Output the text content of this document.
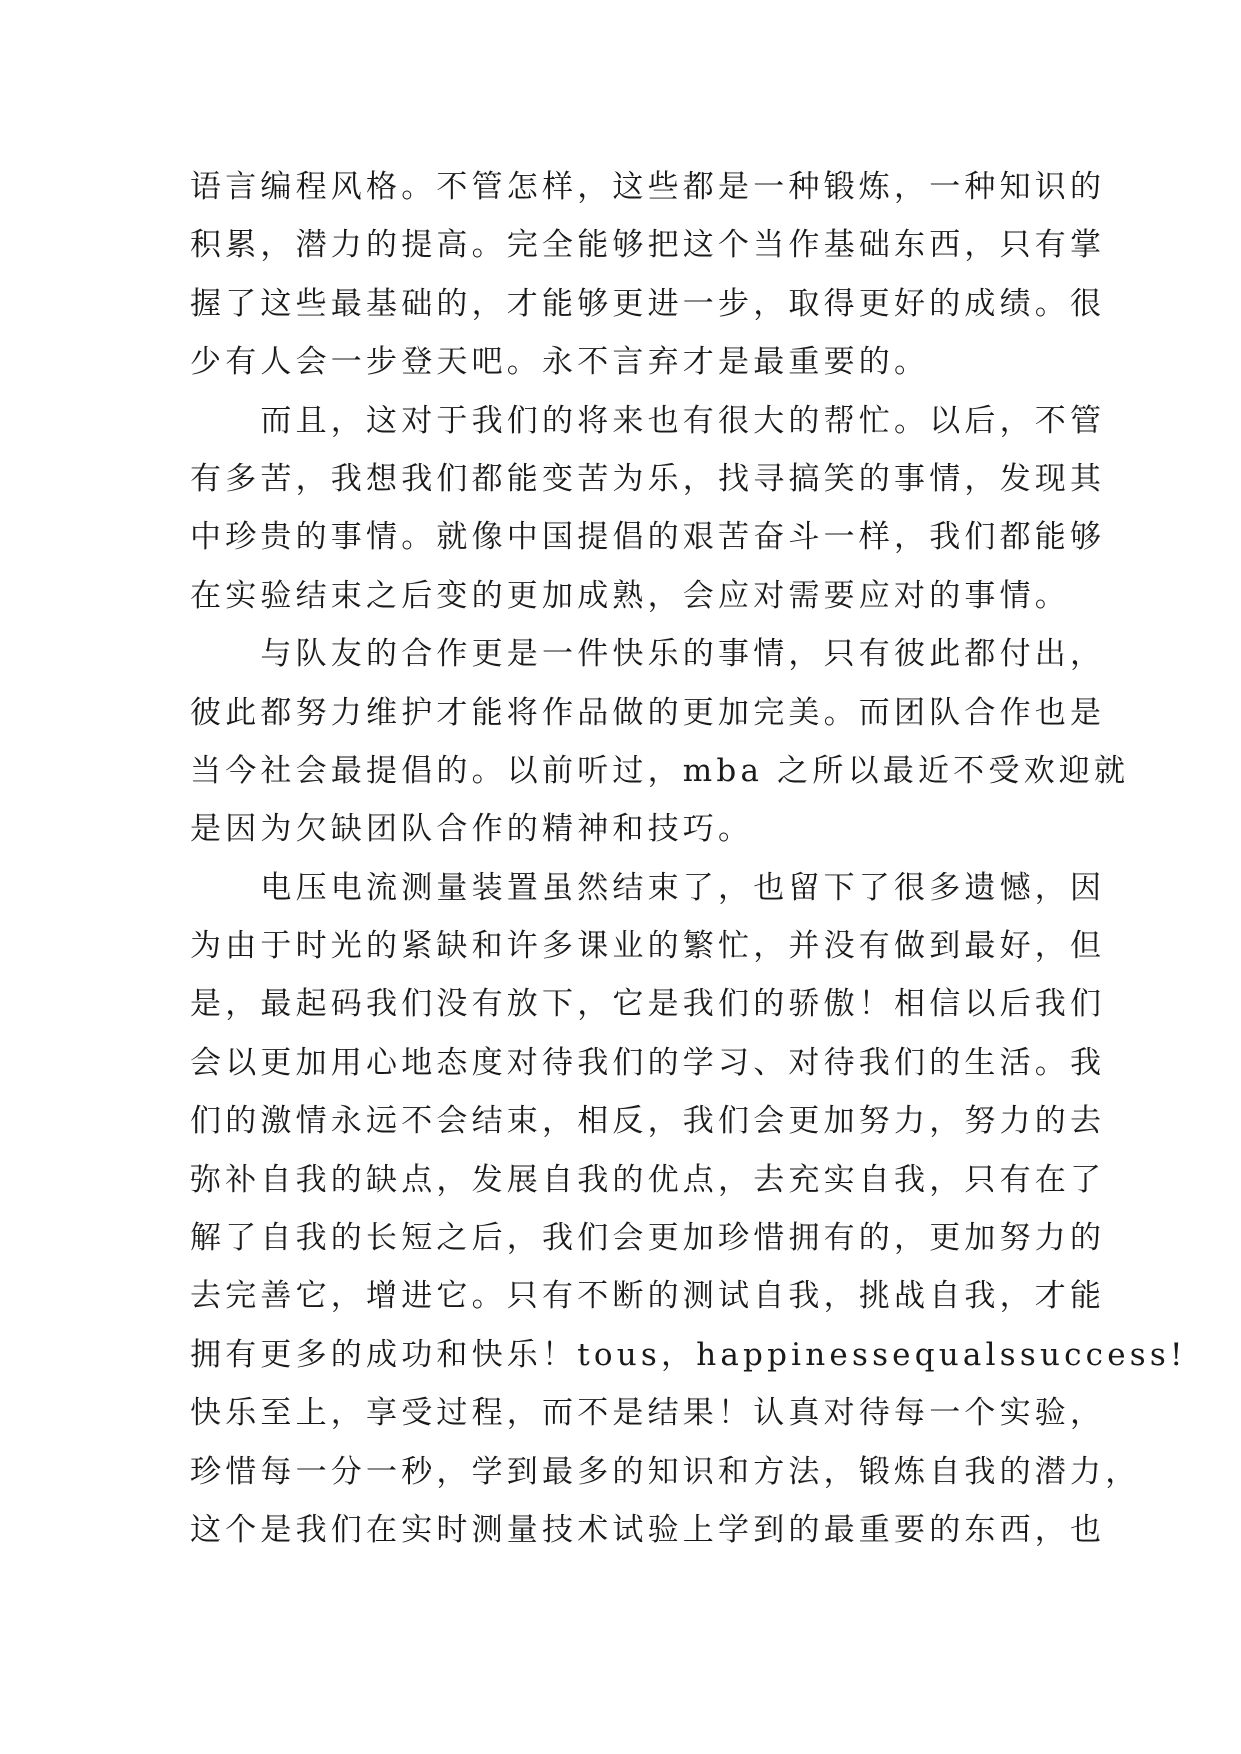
语言编程风格。不管怎样，这些都是一种锻炼，一种知识的
积累，潜力的提高。完全能够把这个当作基础东西，只有掌
握了这些最基础的，才能够更进一步，取得更好的成绩。很
少有人会一步登天吧。永不言弃才是最重要的。
　　而且，这对于我们的将来也有很大的帮忙。以后，不管
有多苦，我想我们都能变苦为乐，找寻搞笑的事情，发现其
中珍贵的事情。就像中国提倡的艰苦奋斗一样，我们都能够
在实验结束之后变的更加成熟，会应对需要应对的事情。
　　与队友的合作更是一件快乐的事情，只有彼此都付出，
彼此都努力维护才能将作品做的更加完美。而团队合作也是
当今社会最提倡的。以前听过，mba 之所以最近不受欢迎就
是因为欠缺团队合作的精神和技巧。
　　电压电流测量装置虽然结束了，也留下了很多遗憾，因
为由于时光的紧缺和许多课业的繁忙，并没有做到最好，但
是，最起码我们没有放下，它是我们的骄傲！相信以后我们
会以更加用心地态度对待我们的学习、对待我们的生活。我
们的激情永远不会结束，相反，我们会更加努力，努力的去
弥补自我的缺点，发展自我的优点，去充实自我，只有在了
解了自我的长短之后，我们会更加珍惜拥有的，更加努力的
去完善它，增进它。只有不断的测试自我，挑战自我，才能
拥有更多的成功和快乐！tous，happinessequalssuccess!
快乐至上，享受过程，而不是结果！认真对待每一个实验，
珍惜每一分一秒，学到最多的知识和方法，锻炼自我的潜力，
这个是我们在实时测量技术试验上学到的最重要的东西，也
